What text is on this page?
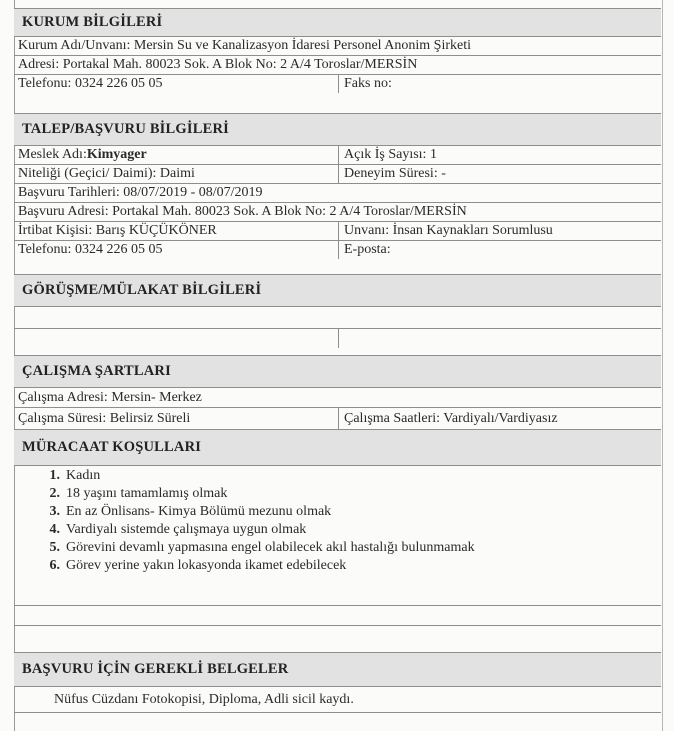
KURUM BİLGİLERİ
Kurum Adı/Unvanı: Mersin Su ve Kanalizasyon İdaresi Personel Anonim Şirketi
Adresi: Portakal Mah. 80023 Sok. A Blok No: 2 A/4 Toroslar/MERSİN
Telefonu: 0324 226 05 05	Faks no:
TALEP/BAŞVURU BİLGİLERİ
Meslek Adı: Kimyager	Açık İş Sayısı: 1
Niteliği (Geçici/ Daimi): Daimi	Deneyim Süresi: -
Başvuru Tarihleri: 08/07/2019 - 08/07/2019
Başvuru Adresi: Portakal Mah. 80023 Sok. A Blok No: 2 A/4 Toroslar/MERSİN
İrtibat Kişisi: Barış KÜÇÜKÖNER	Unvanı: İnsan Kaynakları Sorumlusu
Telefonu: 0324 226 05 05	E-posta:
GÖRÜŞME/MÜLAKAT BİLGİLERİ
ÇALIŞMA ŞARTLARI
Çalışma Adresi: Mersin- Merkez
Çalışma Süresi: Belirsiz Süreli	Çalışma Saatleri: Vardiyalı/Vardiyasız
MÜRACAAT KOŞULLARI
1. Kadın
2. 18 yaşını tamamlamış olmak
3. En az Önlisans- Kimya Bölümü mezunu olmak
4. Vardiyalı sistemde çalışmaya uygun olmak
5. Görevini devamlı yapmasına engel olabilecek akıl hastalığı bulunmamak
6. Görev yerine yakın lokasyonda ikamet edebilecek
BAŞVURU İÇİN GEREKLİ BELGELER
Nüfus Cüzdanı Fotokopisi, Diploma, Adli sicil kaydı.
